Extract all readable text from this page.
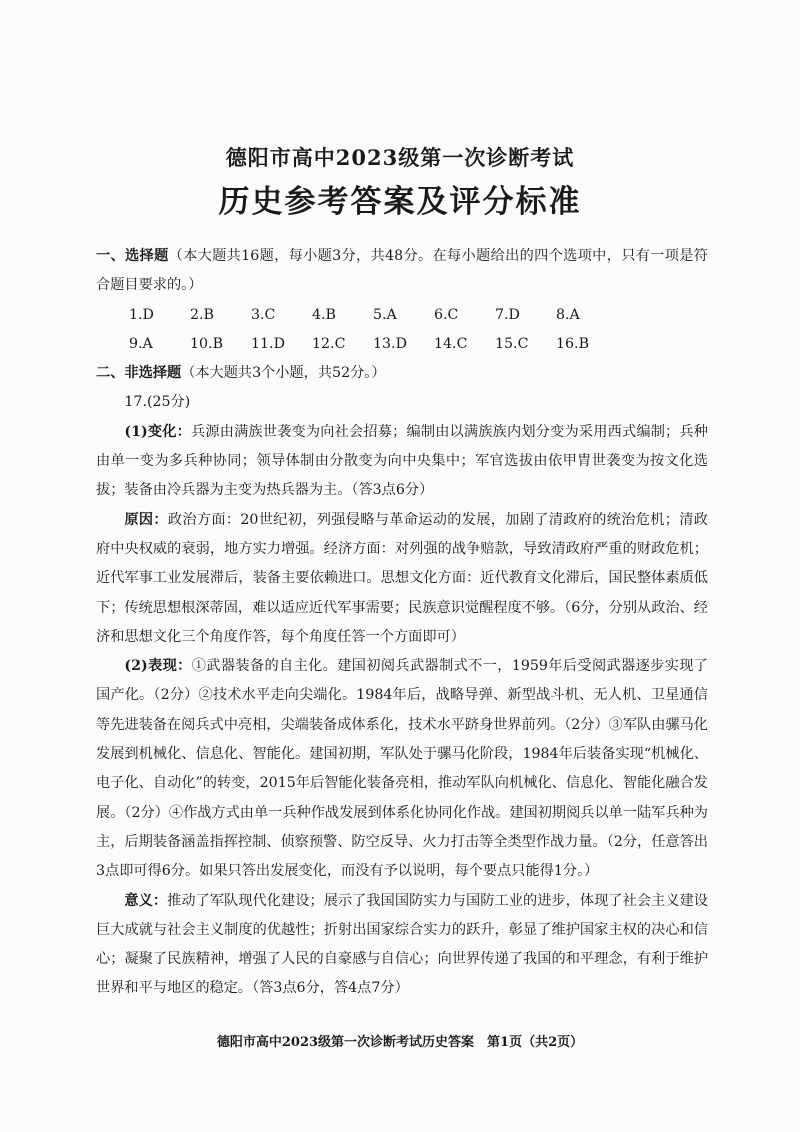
德阳市高中2023级第一次诊断考试
历史参考答案及评分标准

一、选择题（本大题共16题，每小题3分，共48分。在每小题给出的四个选项中，只有一项是符合题目要求的。）

1.D	2.B	3.C	4.B	5.A	6.C	7.D	8.A
9.A	10.B	11.D	12.C	13.D	14.C	15.C	16.B

二、非选择题（本大题共3个小题，共52分。）

17.(25分)

(1)变化：兵源由满族世袭变为向社会招募；编制由以满族族内划分变为采用西式编制；兵种由单一变为多兵种协同；领导体制由分散变为向中央集中；军官选拔由依甲胄世袭变为按文化选拔；装备由冷兵器为主变为热兵器为主。（答3点6分）

原因：政治方面：20世纪初，列强侵略与革命运动的发展，加剧了清政府的统治危机；清政府中央权威的衰弱，地方实力增强。经济方面：对列强的战争赔款，导致清政府严重的财政危机；近代军事工业发展滞后，装备主要依赖进口。思想文化方面：近代教育文化滞后，国民整体素质低下；传统思想根深蒂固，难以适应近代军事需要；民族意识觉醒程度不够。（6分，分别从政治、经济和思想文化三个角度作答，每个角度任答一个方面即可）

(2)表现：①武器装备的自主化。建国初阅兵武器制式不一，1959年后受阅武器逐步实现了国产化。（2分）②技术水平走向尖端化。1984年后，战略导弹、新型战斗机、无人机、卫星通信等先进装备在阅兵式中亮相，尖端装备成体系化，技术水平跻身世界前列。（2分）③军队由骡马化发展到机械化、信息化、智能化。建国初期，军队处于骡马化阶段，1984年后装备实现“机械化、电子化、自动化”的转变，2015年后智能化装备亮相，推动军队向机械化、信息化、智能化融合发展。（2分）④作战方式由单一兵种作战发展到体系化协同化作战。建国初期阅兵以单一陆军兵种为主，后期装备涵盖指挥控制、侦察预警、防空反导、火力打击等全类型作战力量。（2分，任意答出3点即可得6分。如果只答出发展变化，而没有予以说明，每个要点只能得1分。）

意义：推动了军队现代化建设；展示了我国国防实力与国防工业的进步，体现了社会主义建设巨大成就与社会主义制度的优越性；折射出国家综合实力的跃升，彰显了维护国家主权的决心和信心；凝聚了民族精神，增强了人民的自豪感与自信心；向世界传递了我国的和平理念，有利于维护世界和平与地区的稳定。（答3点6分，答4点7分）

德阳市高中2023级第一次诊断考试历史答案　第1页（共2页）
